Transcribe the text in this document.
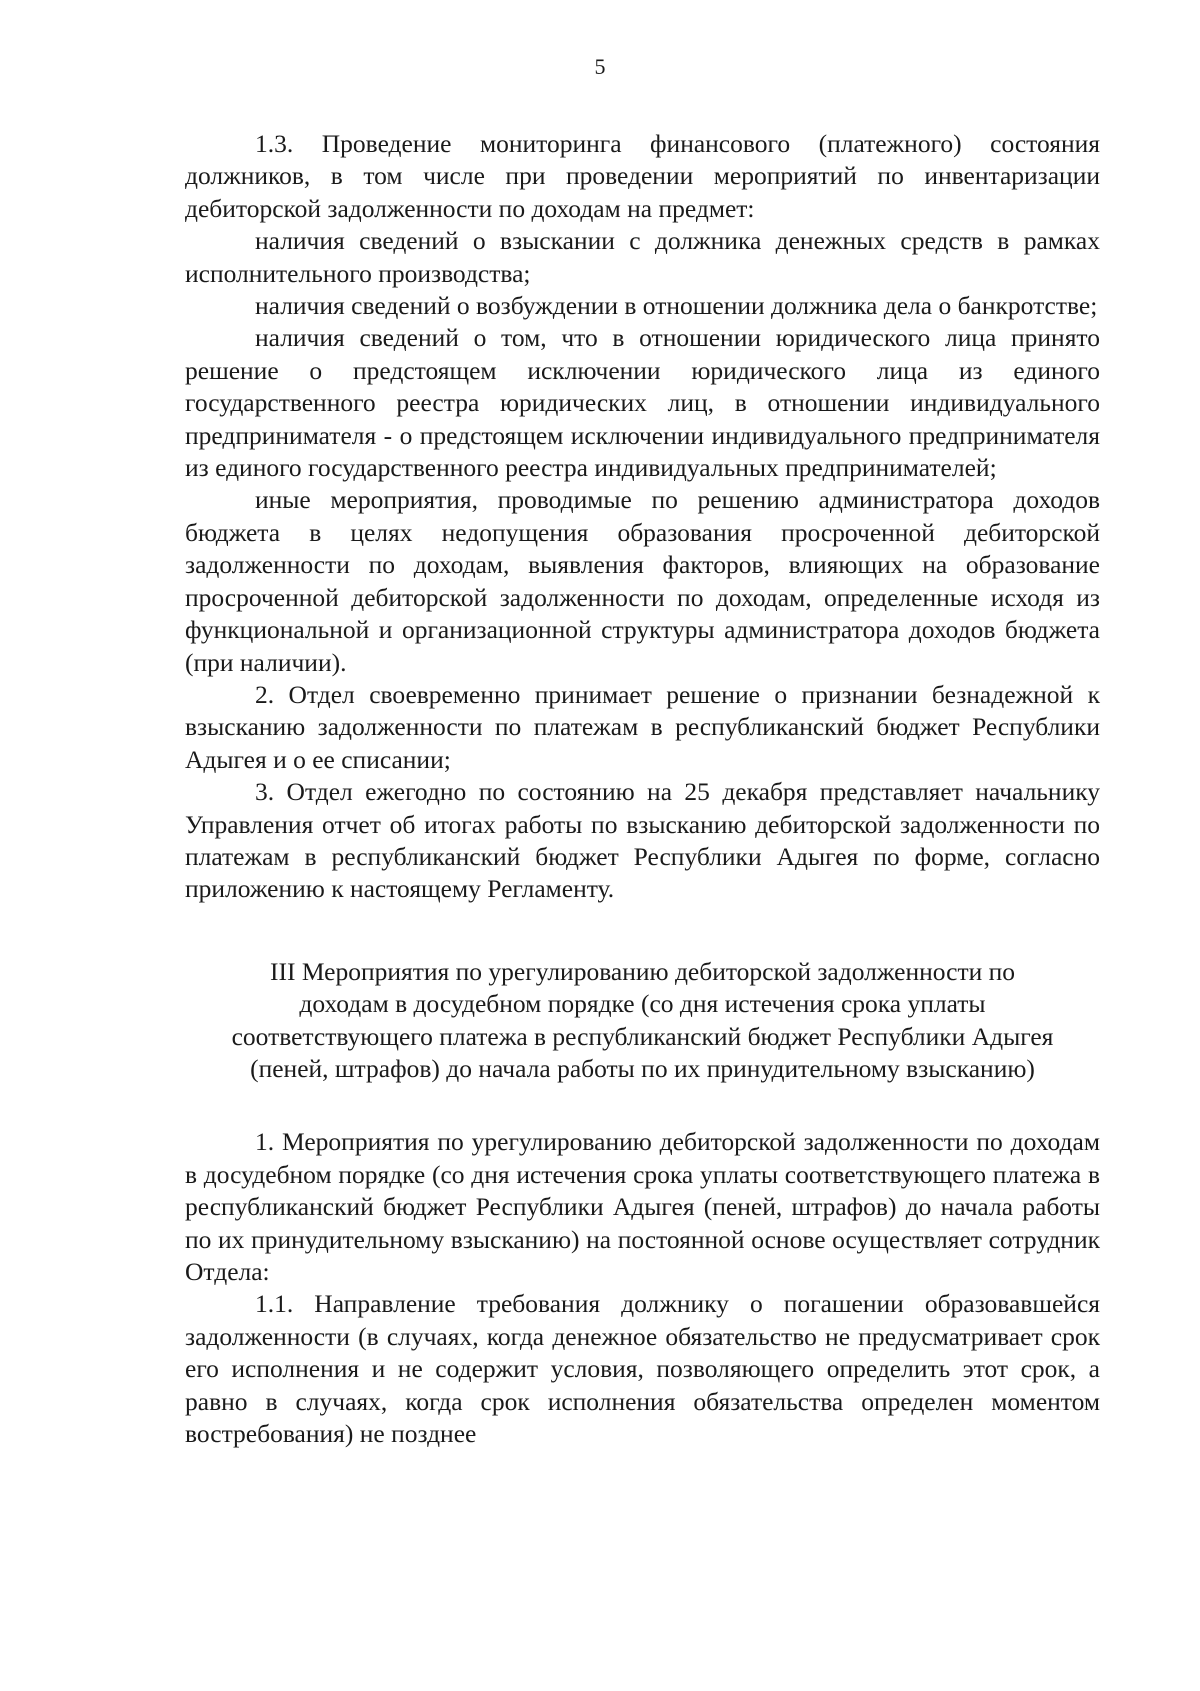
5

1.3. Проведение мониторинга финансового (платежного) состояния должников, в том числе при проведении мероприятий по инвентаризации дебиторской задолженности по доходам на предмет:

наличия сведений о взыскании с должника денежных средств в рамках исполнительного производства;

наличия сведений о возбуждении в отношении должника дела о банкротстве;

наличия сведений о том, что в отношении юридического лица принято решение о предстоящем исключении юридического лица из единого государственного реестра юридических лиц, в отношении индивидуального предпринимателя - о предстоящем исключении индивидуального предпринимателя из единого государственного реестра индивидуальных предпринимателей;

иные мероприятия, проводимые по решению администратора доходов бюджета в целях недопущения образования просроченной дебиторской задолженности по доходам, выявления факторов, влияющих на образование просроченной дебиторской задолженности по доходам, определенные исходя из функциональной и организационной структуры администратора доходов бюджета (при наличии).

2. Отдел своевременно принимает решение о признании безнадежной к взысканию задолженности по платежам в республиканский бюджет Республики Адыгея и о ее списании;

3. Отдел ежегодно по состоянию на 25 декабря представляет начальнику Управления отчет об итогах работы по взысканию дебиторской задолженности по платежам в республиканский бюджет Республики Адыгея по форме, согласно приложению к настоящему Регламенту.

III Мероприятия по урегулированию дебиторской задолженности по доходам в досудебном порядке (со дня истечения срока уплаты соответствующего платежа в республиканский бюджет Республики Адыгея (пеней, штрафов) до начала работы по их принудительному взысканию)

1. Мероприятия по урегулированию дебиторской задолженности по доходам в досудебном порядке (со дня истечения срока уплаты соответствующего платежа в республиканский бюджет Республики Адыгея (пеней, штрафов) до начала работы по их принудительному взысканию) на постоянной основе осуществляет сотрудник Отдела:

1.1. Направление требования должнику о погашении образовавшейся задолженности (в случаях, когда денежное обязательство не предусматривает срок его исполнения и не содержит условия, позволяющего определить этот срок, а равно в случаях, когда срок исполнения обязательства определен моментом востребования) не позднее
